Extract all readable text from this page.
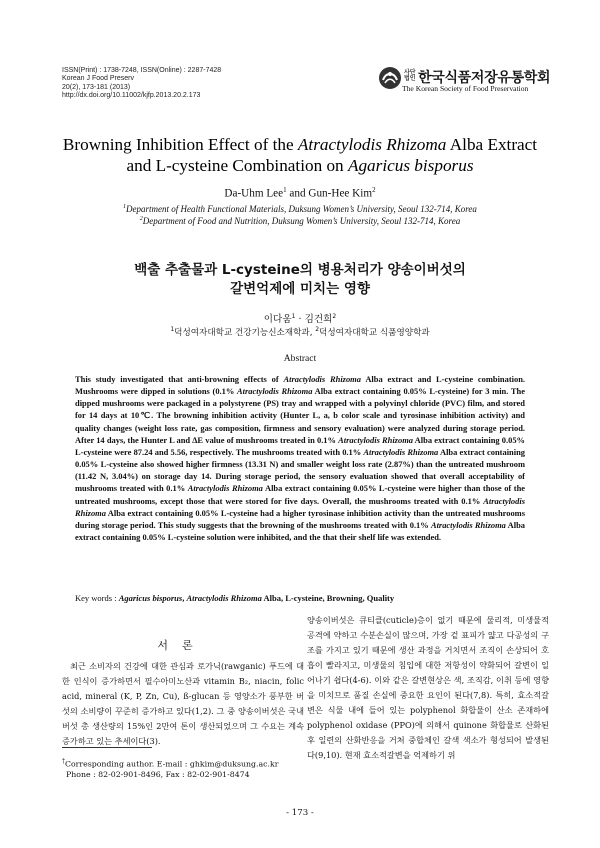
ISSN(Print) : 1738-7248, ISSN(Online) : 2287-7428
Korean J Food Preserv
20(2), 173-181 (2013)
http://dx.doi.org/10.11002/kjfp.2013.20.2.173
사단
법인 한국식품저장유통학회
The Korean Society of Food Preservation
Browning Inhibition Effect of the Atractylodis Rhizoma Alba Extract
and L-cysteine Combination on Agaricus bisporus
Da-Uhm Lee$^1$ and Gun-Hee Kim$^2$
$^1$Department of Health Functional Materials, Duksung Women’s University, Seoul 132-714, Korea
$^2$Department of Food and Nutrition, Duksung Women’s University, Seoul 132-714, Korea
백출 추출물과 L-cysteine의 병용처리가 양송이버섯의
갈변억제에 미치는 영향
이다움$^1$ · 김건희$^2$
$^1$덕성여자대학교 건강기능신소재학과, $^2$덕성여자대학교 식품영양학과
Abstract
This study investigated that anti-browning effects of Atractylodis Rhizoma Alba extract and L-cysteine combination. Mushrooms were dipped in solutions (0.1% Atractylodis Rhizoma Alba extract containing 0.05% L-cysteine) for 3 min. The dipped mushrooms were packaged in a polystyrene (PS) tray and wrapped with a polyvinyl chloride (PVC) film, and stored for 14 days at 10℃. The browning inhibition activity (Hunter L, a, b color scale and tyrosinase inhibition activity) and quality changes (weight loss rate, gas composition, firmness and sensory evaluation) were analyzed during storage period. After 14 days, the Hunter L and ∆E value of mushrooms treated in 0.1% Atractylodis Rhizoma Alba extract containing 0.05% L-cysteine were 87.24 and 5.56, respectively. The mushrooms treated with 0.1% Atractylodis Rhizoma Alba extract containing 0.05% L-cysteine also showed higher firmness (13.31 N) and smaller weight loss rate (2.87%) than the untreated mushroom (11.42 N, 3.04%) on storage day 14. During storage period, the sensory evaluation showed that overall acceptability of mushrooms treated with 0.1% Atractylodis Rhizoma Alba extract containing 0.05% L-cysteine were higher than those of the untreated mushrooms, except those that were stored for five days. Overall, the mushrooms treated with 0.1% Atractylodis Rhizoma Alba extract containing 0.05% L-cysteine had a higher tyrosinase inhibition activity than the untreated mushrooms during storage period. This study suggests that the browning of the mushrooms treated with 0.1% Atractylodis Rhizoma Alba extract containing 0.05% L-cysteine solution were inhibited, and the that their shelf life was extended.
Key words : Agaricus bisporus, Atractylodis Rhizoma Alba, L-cysteine, Browning, Quality
서론

최근 소비자의 건강에 대한 관심과 로가닉(rawganic) 푸드에 대한 인식이 증가하면서 필수아미노산과 vitamin B₂, niacin, folic acid, mineral (K, P, Zn, Cu), ß-glucan 등 영양소가 풍부한 버섯의 소비량이 꾸준히 증가하고 있다(1,2). 그 중 양송이버섯은 국내 버섯 총 생산량의 15%인 2만여 톤이 생산되었으며 그 수요는 계속 증가하고 있는 추세이다(3).

양송이버섯은 큐티클(cuticle)층이 없기 때문에 물리적, 미생물적 공격에 약하고 수분손실이 많으며, 가장 겉 표피가 얇고 다공성의 구조를 가지고 있기 때문에 생산 과정을 거치면서 조직이 손상되어 호흡이 빨라지고, 미생물의 침입에 대한 저항성이 약화되어 갈변이 일어나기 쉽다(4-6). 이와 같은 갈변현상은 색, 조직감, 이취 등에 영향을 미치므로 품질 손실에 중요한 요인이 된다(7,8). 특히, 효소적갈변은 식물 내에 들어 있는 polyphenol 화합물이 산소 존재하에 polyphenol oxidase (PPO)에 의해서 quinone 화합물로 산화된 후 일련의 산화반응을 거쳐 중합체인 갈색 색소가 형성되어 발생된다(9,10). 현재 효소적갈변을 억제하기 위

†Corresponding author. E-mail : ghkim@duksung.ac.kr
Phone : 82-02-901-8496, Fax : 82-02-901-8474
- 173 -
